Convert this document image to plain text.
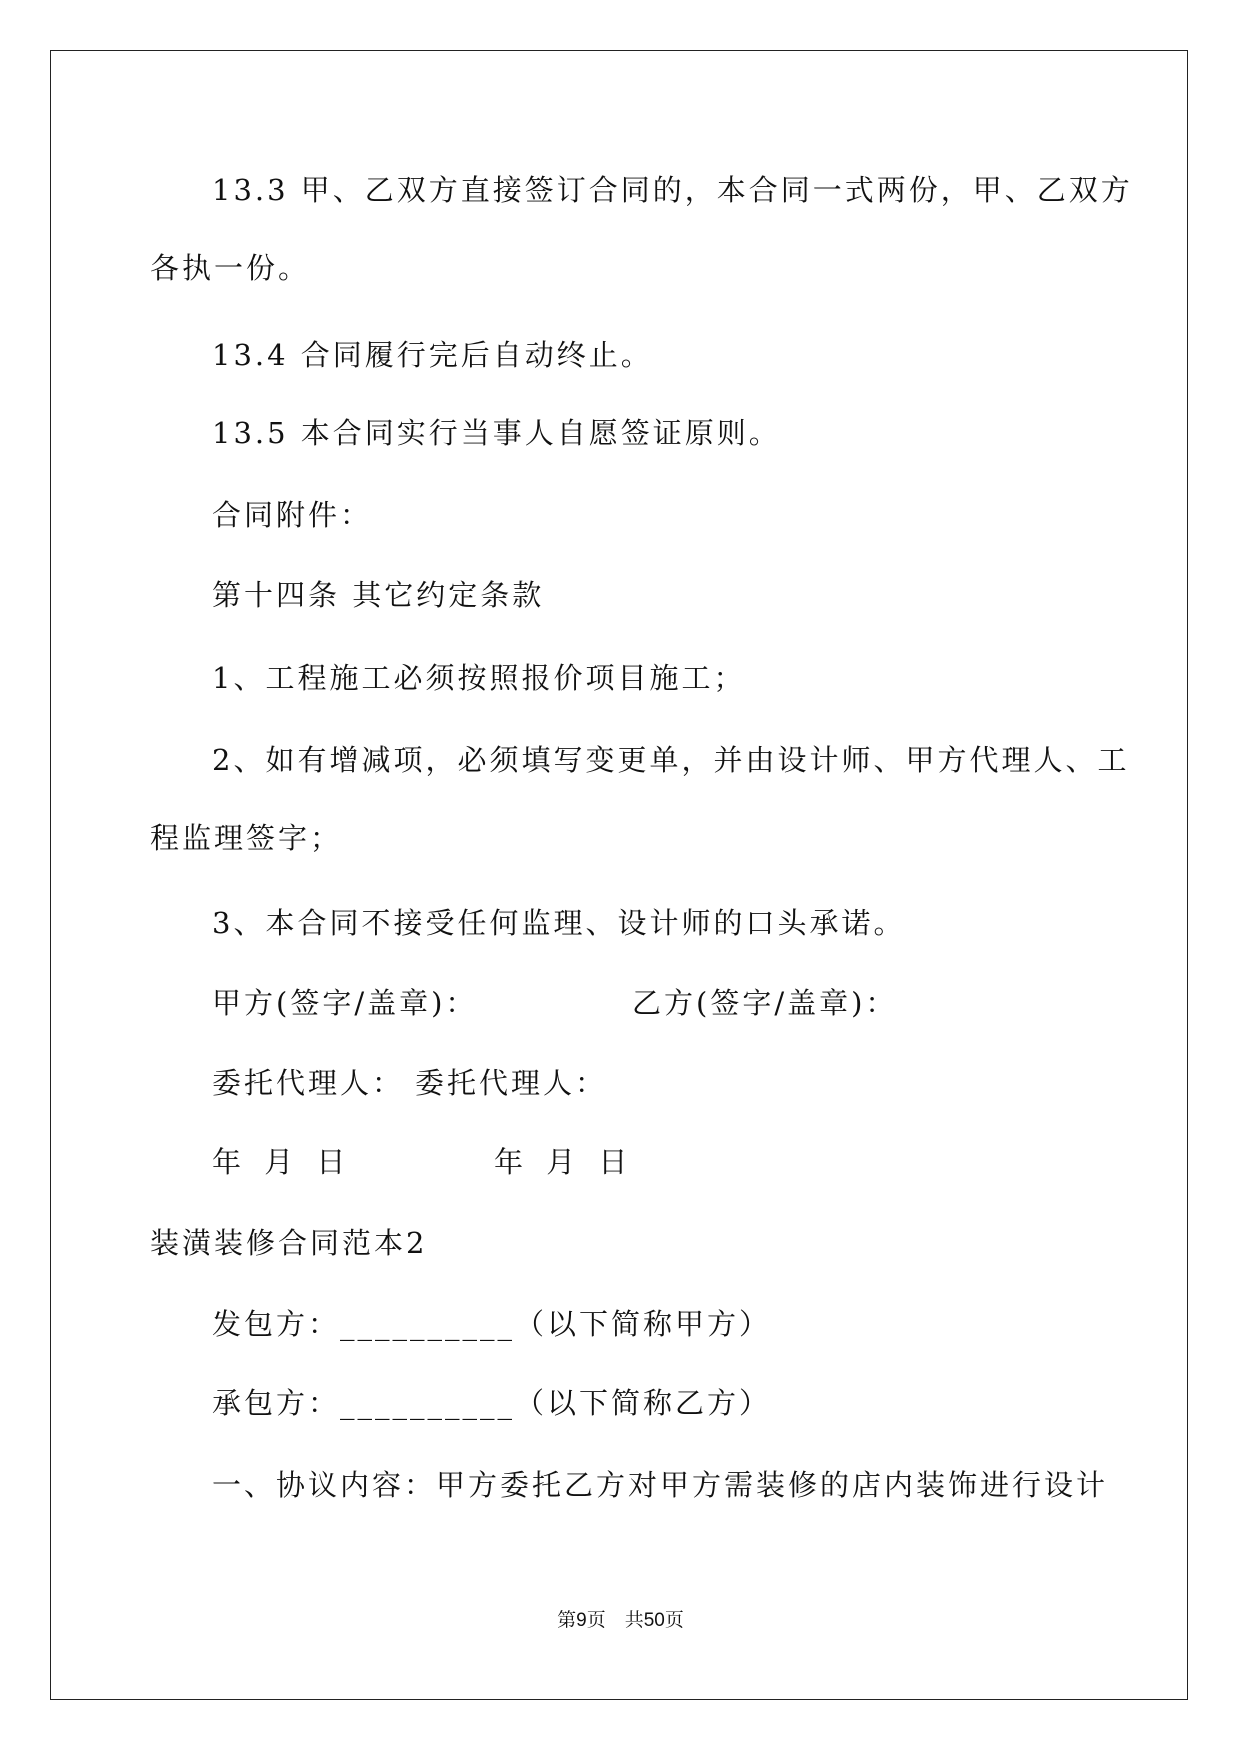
13.3 甲、乙双方直接签订合同的，本合同一式两份，甲、乙双方

各执一份。

13.4 合同履行完后自动终止。

13.5 本合同实行当事人自愿签证原则。

合同附件：

第十四条 其它约定条款

1、工程施工必须按照报价项目施工；

2、如有增减项，必须填写变更单，并由设计师、甲方代理人、工

程监理签字；

3、本合同不接受任何监理、设计师的口头承诺。

甲方(签字/盖章)：	乙方(签字/盖章)：

委托代理人： 委托代理人：

年 月 日	年 月 日

装潢装修合同范本2

发包方：__________（以下简称甲方）

承包方：__________（以下简称乙方）

一、协议内容：甲方委托乙方对甲方需装修的店内装饰进行设计

第9页　共50页
